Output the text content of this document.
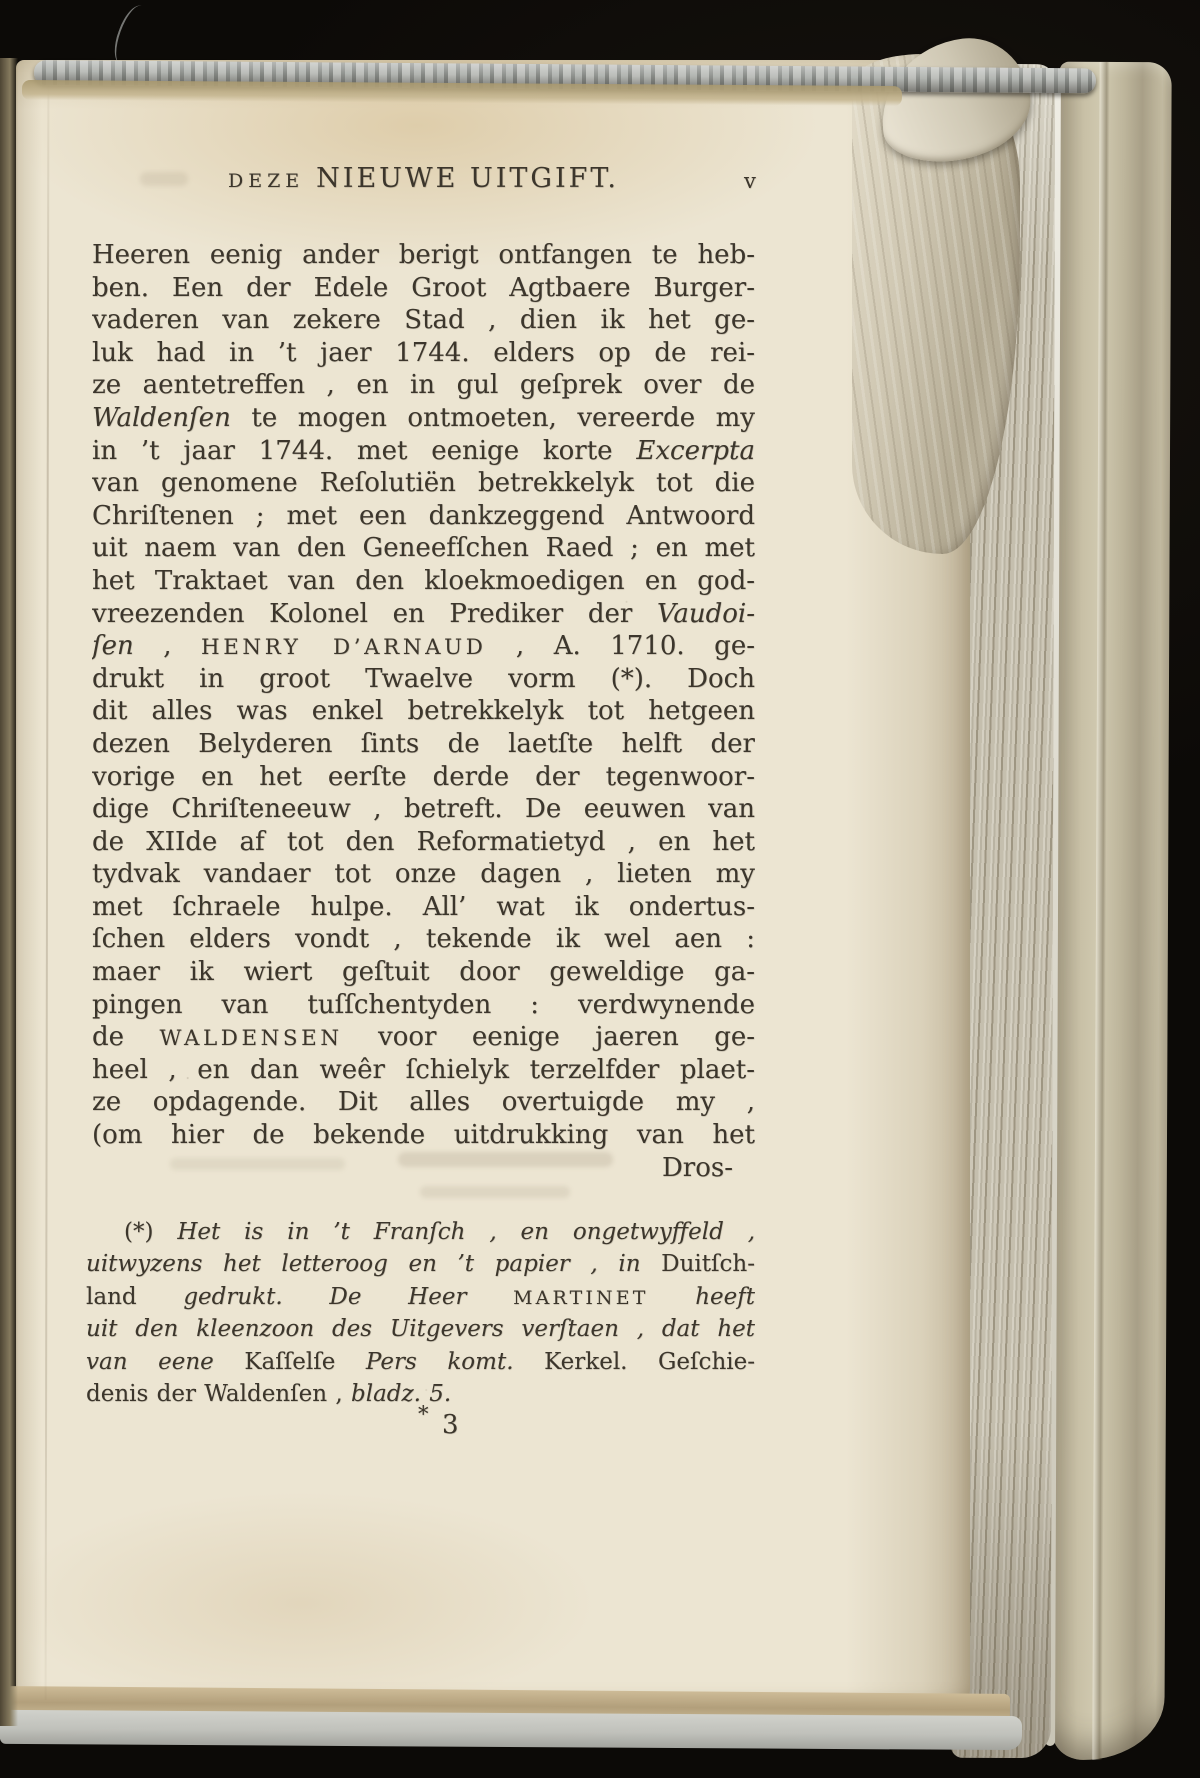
DEZE NIEUWE UITGIFT.	v
Heeren eenig ander berigt ontfangen te heb-
ben. Een der Edele Groot Agtbaere Burger-
vaderen van zekere Stad , dien ik het ge-
luk had in ’t jaer 1744. elders op de rei-
ze aentetreffen , en in gul geſprek over de
Waldenſen te mogen ontmoeten, vereerde my
in ’t jaar 1744. met eenige korte Excerpta
van genomene Reſolutiën betrekkelyk tot die
Chriſtenen ; met een dankzeggend Antwoord
uit naem van den Geneefſchen Raed ; en met
het Traktaet van den kloekmoedigen en god-
vreezenden Kolonel en Prediker der Vaudoi-
ſen , HENRY D’ARNAUD , A. 1710. ge-
drukt in groot Twaelve vorm (*). Doch
dit alles was enkel betrekkelyk tot hetgeen
dezen Belyderen ſints de laetſte helft der
vorige en het eerſte derde der tegenwoor-
dige Chriſteneeuw , betreft. De eeuwen van
de XIIde af tot den Reformatietyd , en het
tydvak vandaer tot onze dagen , lieten my
met ſchraele hulpe. All’ wat ik ondertus-
ſchen elders vondt , tekende ik wel aen :
maer ik wiert geſtuit door geweldige ga-
pingen van tuſſchentyden : verdwynende
de WALDENSEN voor eenige jaeren ge-
heel , en dan weêr ſchielyk terzelfder plaet-
ze opdagende. Dit alles overtuigde my ,
(om hier de bekende uitdrukking van het
Dros-
(*) Het is in ’t Franſch , en ongetwyffeld ,
uitwyzens het letteroog en ’t papier , in Duitſch-
land gedrukt. De Heer MARTINET heeft
uit den kleenzoon des Uitgevers verſtaen , dat het
van eene Kaſſelſe Pers komt. Kerkel. Geſchie-
denis der Waldenſen , bladz. 5.
* 3
